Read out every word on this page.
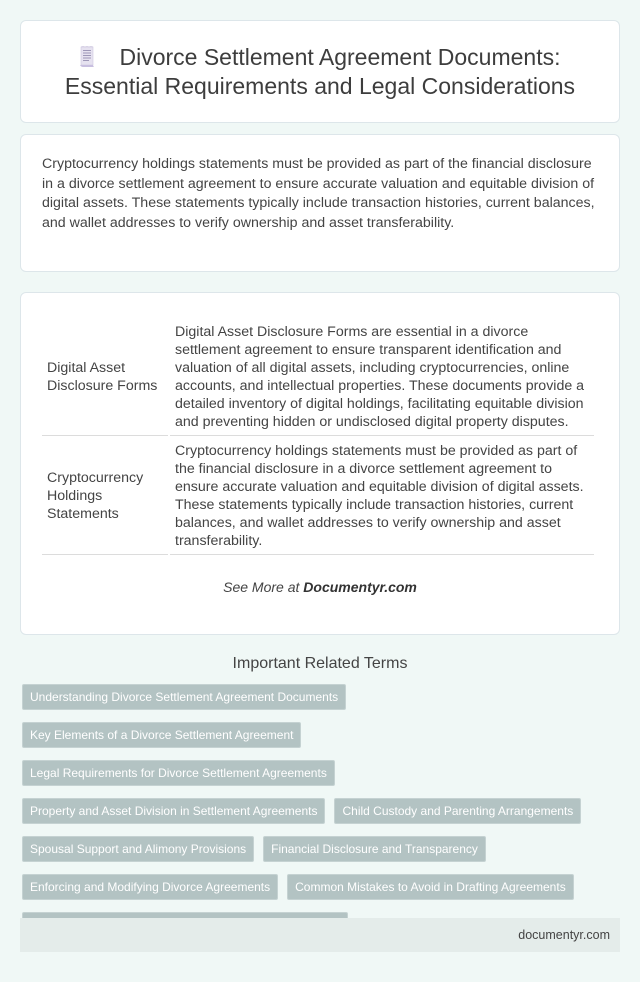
Divorce Settlement Agreement Documents: Essential Requirements and Legal Considerations

Cryptocurrency holdings statements must be provided as part of the financial disclosure in a divorce settlement agreement to ensure accurate valuation and equitable division of digital assets. These statements typically include transaction histories, current balances, and wallet addresses to verify ownership and asset transferability.

Digital Asset Disclosure Forms	Digital Asset Disclosure Forms are essential in a divorce settlement agreement to ensure transparent identification and valuation of all digital assets, including cryptocurrencies, online accounts, and intellectual properties. These documents provide a detailed inventory of digital holdings, facilitating equitable division and preventing hidden or undisclosed digital property disputes.
Cryptocurrency Holdings Statements	Cryptocurrency holdings statements must be provided as part of the financial disclosure in a divorce settlement agreement to ensure accurate valuation and equitable division of digital assets. These statements typically include transaction histories, current balances, and wallet addresses to verify ownership and asset transferability.

See More at Documentyr.com

Important Related Terms
Understanding Divorce Settlement Agreement Documents
Key Elements of a Divorce Settlement Agreement
Legal Requirements for Divorce Settlement Agreements
Property and Asset Division in Settlement Agreements	Child Custody and Parenting Arrangements
Spousal Support and Alimony Provisions	Financial Disclosure and Transparency
Enforcing and Modifying Divorce Agreements	Common Mistakes to Avoid in Drafting Agreements
documentyr.com
